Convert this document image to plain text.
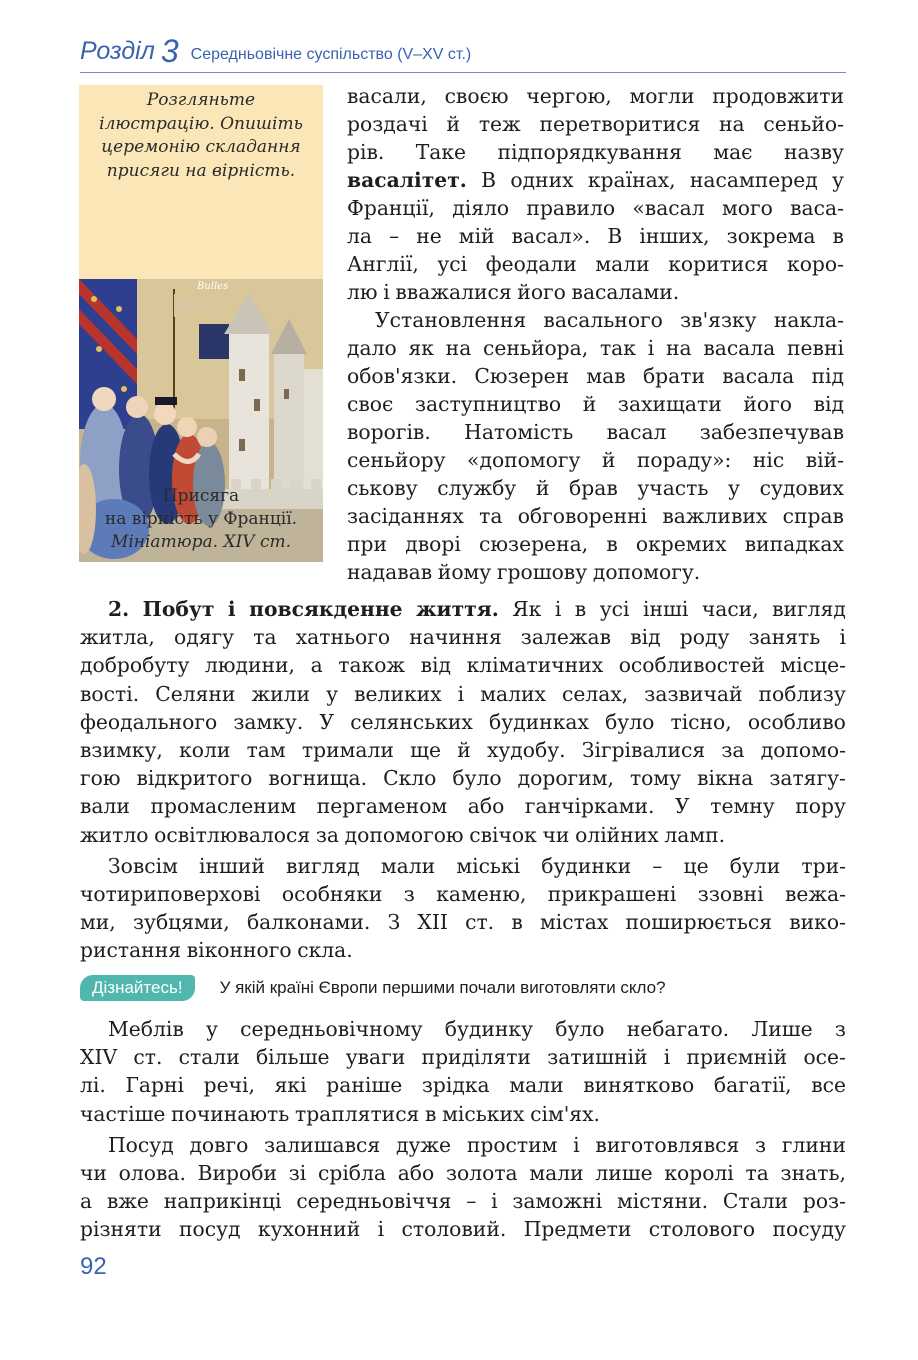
Розділ 3 Середньовічне суспільство (V–XV ст.)
Розгляньте
ілюстрацію. Опишіть
церемонію складання
присяги на вірність.
Bulles
Присяга
на вірність у Франції.
Мініатюра. XIV ст.
васали, своєю чергою, могли продовжити
роздачі й теж перетворитися на сеньйо-
рів. Таке підпорядкування має назву
васалітет. В одних країнах, насамперед у
Франції, діяло правило «васал мого васа-
ла – не мій васал». В інших, зокрема в
Англії, усі феодали мали коритися коро-
лю і вважалися його васалами.
Установлення васального зв'язку накла-
дало як на сеньйора, так і на васала певні
обов'язки. Сюзерен мав брати васала під
своє заступництво й захищати його від
ворогів. Натомість васал забезпечував
сеньйору «допомогу й пораду»: ніс вій-
ськову службу й брав участь у судових
засіданнях та обговоренні важливих справ
при дворі сюзерена, в окремих випадках
надавав йому грошову допомогу.
2. Побут і повсякденне життя. Як і в усі інші часи, вигляд
житла, одягу та хатнього начиння залежав від роду занять і
добробуту людини, а також від кліматичних особливостей місце-
вості. Селяни жили у великих і малих селах, зазвичай поблизу
феодального замку. У селянських будинках було тісно, особливо
взимку, коли там тримали ще й худобу. Зігрівалися за допомо-
гою відкритого вогнища. Скло було дорогим, тому вікна затягу-
вали промасленим пергаменом або ганчірками. У темну пору
житло освітлювалося за допомогою свічок чи олійних ламп.
Зовсім інший вигляд мали міські будинки – це були три-
чотириповерхові особняки з каменю, прикрашені ззовні вежа-
ми, зубцями, балконами. З XII ст. в містах поширюється вико-
ристання віконного скла.
Дізнайтесь!	У якій країні Європи першими почали виготовляти скло?
Меблів у середньовічному будинку було небагато. Лише з
XIV ст. стали більше уваги приділяти затишній і приємній осе-
лі. Гарні речі, які раніше зрідка мали винятково багатії, все
частіше починають траплятися в міських сім'ях.
Посуд довго залишався дуже простим і виготовлявся з глини
чи олова. Вироби зі срібла або золота мали лише королі та знать,
а вже наприкінці середньовіччя – і заможні містяни. Стали роз-
різняти посуд кухонний і столовий. Предмети столового посуду
92
